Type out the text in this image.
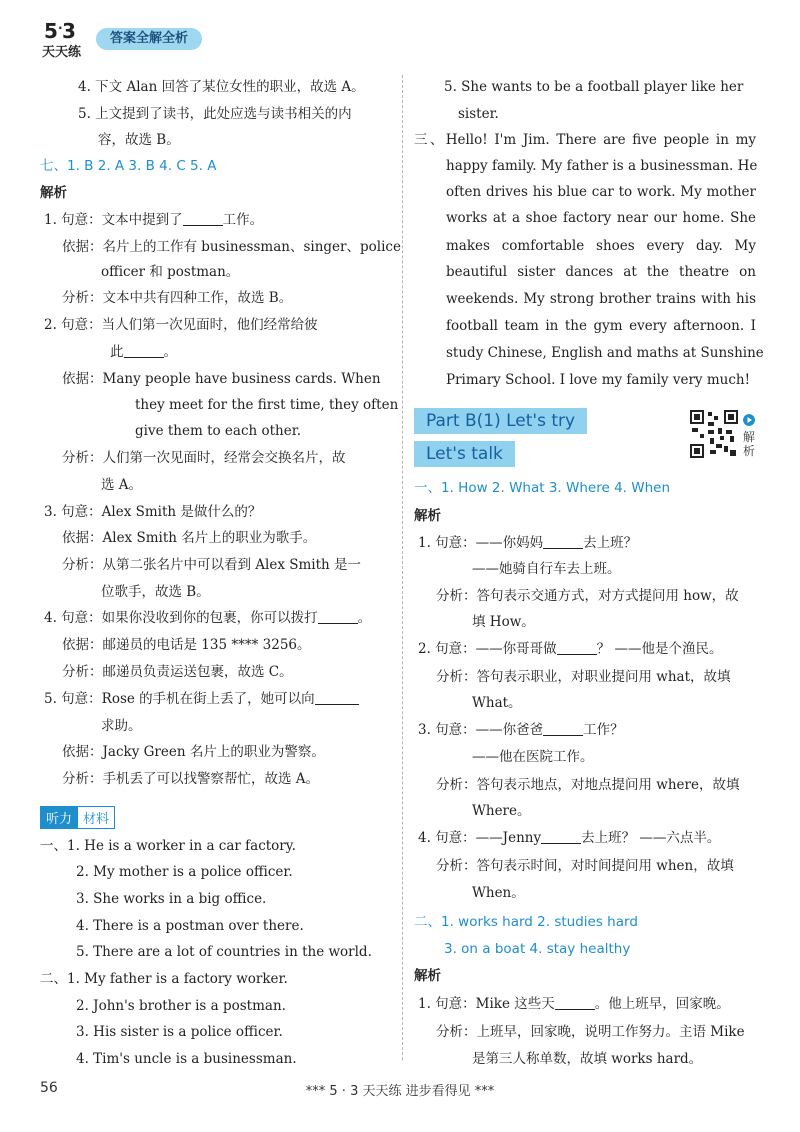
5 · 3
天天练
答案全解全析
4. 下文 Alan 回答了某位女性的职业，故选 A。
5. 上文提到了读书，此处应选与读书相关的内
容，故选 B。
七、1. B 2. A 3. B 4. C 5. A
解析
1. 句意：文本中提到了	工作。
依据：名片上的工作有 businessman、singer、police
officer 和 postman。
分析：文本中共有四种工作，故选 B。
2. 句意：当人们第一次见面时，他们经常给彼
此	。
依据：Many people have business cards. When
they meet for the first time, they often
give them to each other.
分析：人们第一次见面时，经常会交换名片，故
选 A。
3. 句意：Alex Smith 是做什么的？
依据：Alex Smith 名片上的职业为歌手。
分析：从第二张名片中可以看到 Alex Smith 是一
位歌手，故选 B。
4. 句意：如果你没收到你的包裹，你可以拨打	。
依据：邮递员的电话是 135 **** 3256。
分析：邮递员负责运送包裹，故选 C。
5. 句意：Rose 的手机在街上丢了，她可以向
求助。
依据：Jacky Green 名片上的职业为警察。
分析：手机丢了可以找警察帮忙，故选 A。
听力 材料
一、1. He is a worker in a car factory.
2. My mother is a police officer.
3. She works in a big office.
4. There is a postman over there.
5. There are a lot of countries in the world.
二、1. My father is a factory worker.
2. John's brother is a postman.
3. His sister is a police officer.
4. Tim's uncle is a businessman.
5. She wants to be a football player like her
sister.
三、Hello! I'm Jim. There are five people in my
happy family. My father is a businessman. He
often drives his blue car to work. My mother
works at a shoe factory near our home. She
makes comfortable shoes every day. My
beautiful sister dances at the theatre on
weekends. My strong brother trains with his
football team in the gym every afternoon. I
study Chinese, English and maths at Sunshine
Primary School. I love my family very much!
Part B(1) Let's try
Let's talk
解析
一、1. How 2. What 3. Where 4. When
解析
1. 句意：——你妈妈	去上班？
——她骑自行车去上班。
分析：答句表示交通方式，对方式提问用 how，故
填 How。
2. 句意：——你哥哥做	？ ——他是个渔民。
分析：答句表示职业，对职业提问用 what，故填
What。
3. 句意：——你爸爸	工作？
——他在医院工作。
分析：答句表示地点，对地点提问用 where，故填
Where。
4. 句意：——Jenny	去上班？ ——六点半。
分析：答句表示时间，对时间提问用 when，故填
When。
二、1. works hard 2. studies hard
3. on a boat 4. stay healthy
解析
1. 句意：Mike 这些天	。他上班早，回家晚。
分析：上班早，回家晚，说明工作努力。主语 Mike
是第三人称单数，故填 works hard。
56	*** 5 · 3 天天练 进步看得见 ***
